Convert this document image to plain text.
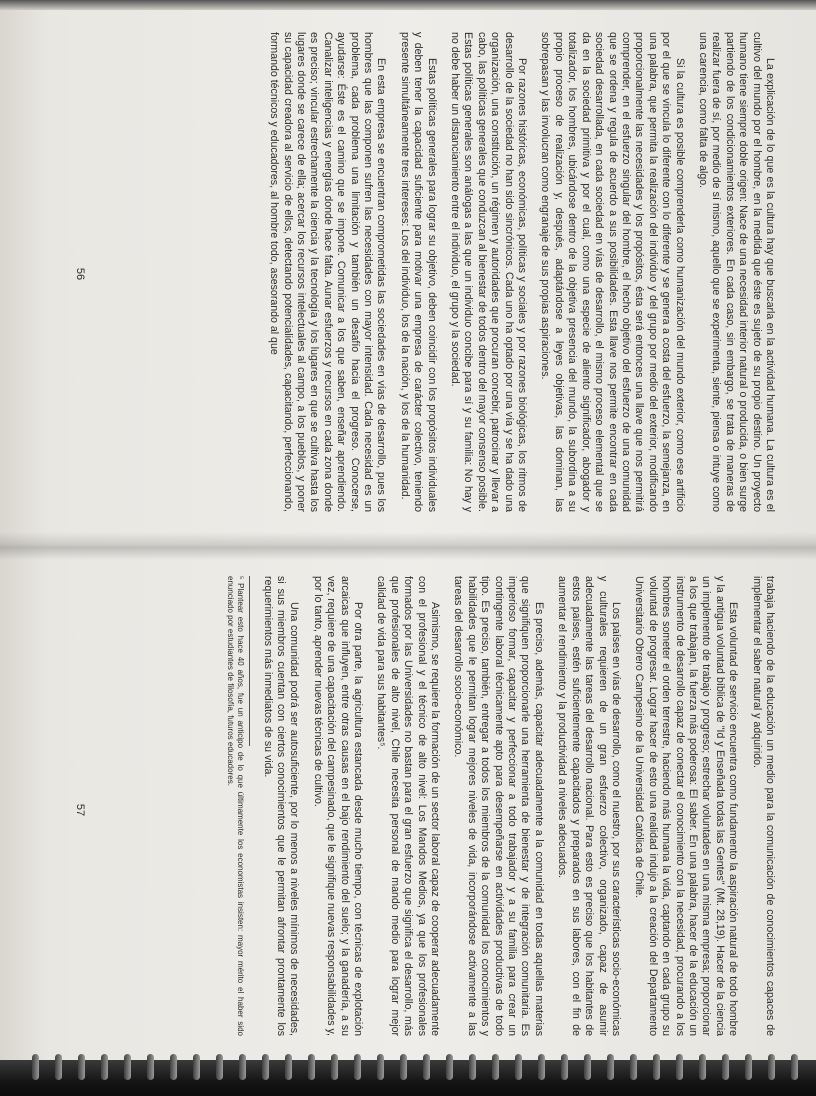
La explicación de lo que es la cultura hay que buscarla en la actividad humana. La cultura es el cultivo del mundo por el hombre, en la medida que éste es sujeto de su propio destino. Un proyecto humano tiene siempre doble origen: Nace de una necesidad interior natural o producida, o bien surge partiendo de los condicionamientos exteriores. En cada caso, sin embargo, se trata de maneras de realizar fuera de sí, por medio de sí mismo, aquello que se experimenta, siente, piensa o intuye como una carencia, como falta de algo.

Si la cultura es posible comprenderla como humanización del mundo exterior, como ese artificio por el que se vincula lo diferente con lo diferente y se genera a costa del esfuerzo, la semejanza, en una palabra, que permita la realización del individuo y del grupo por medio del exterior, modificando proporcionalmente las necesidades y los propósitos, ésta será entonces una llave que nos permitirá comprender, en el esfuerzo singular del hombre, el hecho objetivo del esfuerzo de una comunidad que se ordena y regula de acuerdo a sus posibilidades. Esta llave nos permite encontrar en cada sociedad desarrollada, en cada sociedad en vías de desarrollo, el mismo proceso elemental que se da en la sociedad primitiva y por el cual, como una especie de aliento significador, abogador y totalizador, los hombres, ubicándose dentro de la objetiva presencia del mundo, la subordina a su propio proceso de realización y, después, adaptándose a leyes objetivas, las dominan, las sobrepasan y las involucran como engranaje de sus propias aspiraciones.

Por razones históricas, económicas, políticas y sociales y por razones biológicas, los ritmos de desarrollo de la sociedad no han sido sincrónicos. Cada uno ha optado por una vía y se ha dado una organización, una constitución, un régimen y autoridades que procuran concebir, patrocinar y llevar a cabo, las políticas generales que conduzcan al bienestar de todos dentro del mayor consenso posible. Estas políticas generales son análogas a las que un individuo concibe para sí y su familia: No hay y no debe haber un distanciamiento entre el individuo, el grupo y la sociedad.

Estas políticas generales para lograr su objetivo, deben coincidir con los propósitos individuales y deben tener la capacidad suficiente para motivar una empresa de carácter colectivo, teniendo presente simultáneamente tres intereses: Los del individuo, los de la nación, y los de la humanidad.

En esta empresa se encuentran comprometidas las sociedades en vías de desarrollo, pues los hombres que las componen sufren las necesidades con mayor intensidad. Cada necesidad es un problema, cada problema una limitación y también un desafío hacia el progreso. Conocerse, ayudarse: Éste es el camino que se impone. Comunicar a los que saben, enseñar aprendiendo. Canalizar inteligencias y energías donde hace falta. Aunar esfuerzos y recursos en cada zona donde es preciso; vincular estrechamente la ciencia y la tecnología y los lugares en que se cultiva hasta los lugares donde se carece de ella; acercar los recursos intelectuales al campo, a los pueblos, y poner su capacidad creadora al servicio de ellos, detectando potencialidades, capacitando, perfeccionando, formando técnicos y educadores, al hombre todo, asesorando al que

56

trabaja haciendo de la educación un medio para la comunicación de conocimientos capaces de implementar el saber natural y adquirido.

Esta voluntad de servicio encuentra como fundamento la aspiración natural de todo hombre y la antigua voluntad bíblica de "Id y Enseñada todas las Gentes" (Mt. 28,19). Hacer de la ciencia un implemento de trabajo y progreso; estrechar voluntades en una misma empresa; proporcionar a los que trabajan, la fuerza más poderosa: El saber. En una palabra, hacer de la educación un instrumento de desarrollo capaz de conectar el conocimiento con la necesidad, procurando a los hombres someter el orden terrestre, haciendo más humana la vida, captando en cada grupo su voluntad de progresar. Lograr hacer de esto una realidad indujo a la creación del Departamento Universitario Obrero Campesino de la Universidad Católica de Chile.

Los países en vías de desarrollo, como el nuestro, por sus características socio-económicas y culturales requieren de un gran esfuerzo colectivo, organizado, capaz de asumir adecuadamente las tareas del desarrollo nacional. Para esto es preciso que los habitantes de estos países, estén suficientemente capacitados y preparados en sus labores, con el fin de aumentar el rendimiento y la productividad a niveles adecuados.

Es preciso, además, capacitar adecuadamente a la comunidad en todas aquellas materias que signifiquen proporcionarle una herramienta de bienestar y de integración comunitaria. Es imperioso formar, capacitar y perfeccionar a todo trabajador y a su familia para crear un contingente laboral técnicamente apto para desempeñarse en actividades productivas de todo tipo. Es preciso, también, entregar a todos los miembros de la comunidad los conocimientos y habilidades que le permitan lograr mejores niveles de vida, incorporándose activamente a las tareas del desarrollo socio-económico.

Asimismo, se requiere la formación de un sector laboral capaz de cooperar adecuadamente con el profesional y el técnico de alto nivel: Los Mandos Medios, ya que los profesionales formados por las Universidades no bastan para el gran esfuerzo que significa el desarrollo, más que profesionales de alto nivel, Chile necesita personal de mando medio para lograr mejor calidad de vida para sus habitantes⁵.

Por otra parte, la agricultura estancada desde mucho tiempo, con técnicas de explotación arcaicas que influyen, entre otras causas en el bajo rendimiento del suelo; y la ganadería, a su vez, requiere de una capacitación del campesinado, que le signifique nuevas responsabilidades y, por lo tanto, aprender nuevas técnicas de cultivo.

Una comunidad podrá ser autosuficiente, por lo menos a niveles mínimos de necesidades, si sus miembros cuentan con ciertos conocimientos que le permitan afrontar prontamente los requerimientos más inmediatos de su vida.

⁵ Plantear esto hace 40 años, fue un anticipo de lo que últimamente los economistas insisten: mayor mérito el haber sido enunciado por estudiantes de filosofía, futuros educadores.

57
